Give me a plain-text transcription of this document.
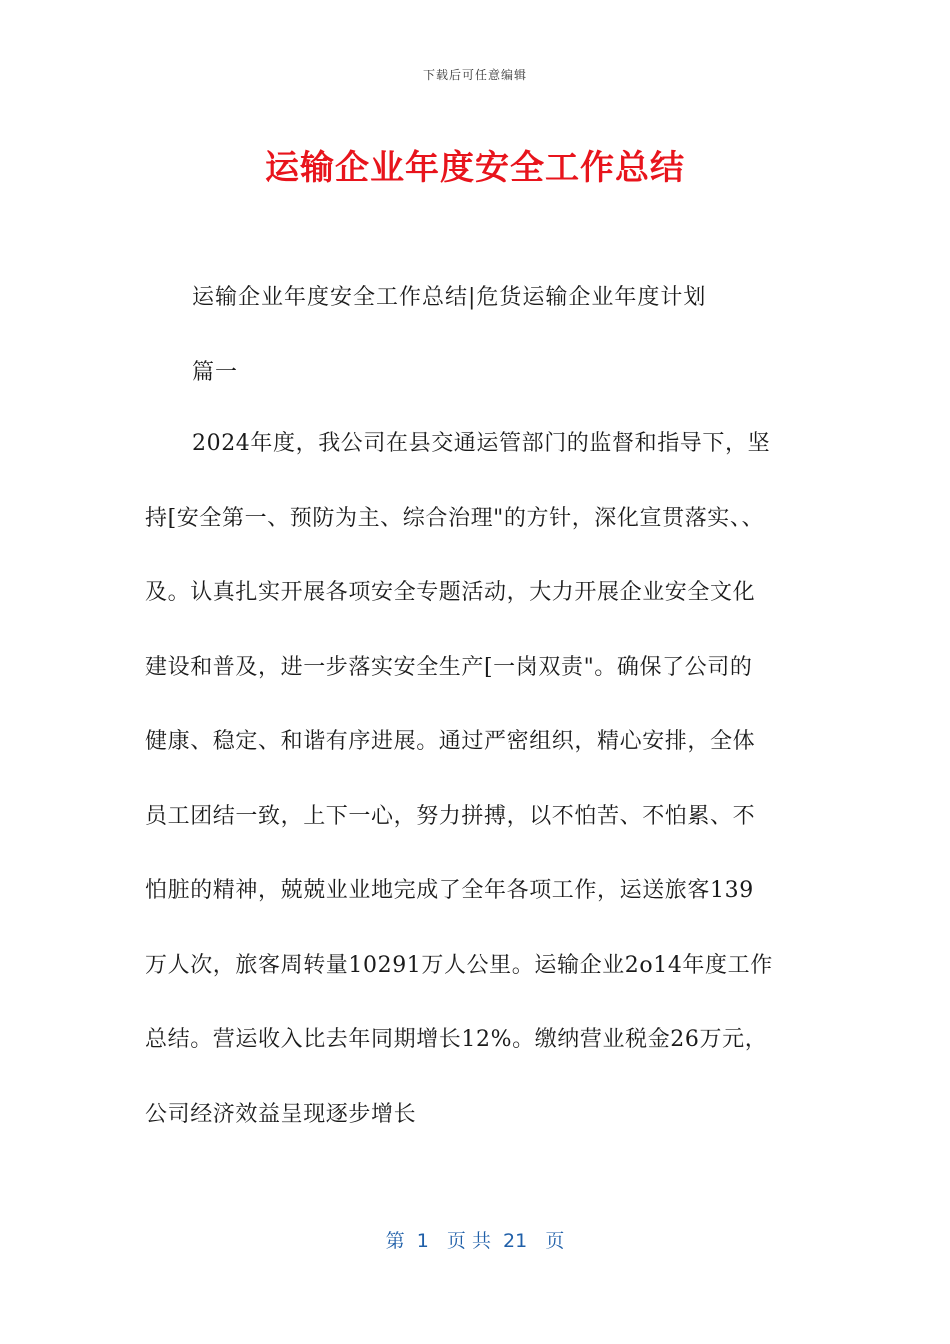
下载后可任意编辑
运输企业年度安全工作总结
运输企业年度安全工作总结|危货运输企业年度计划
篇一
2024年度，我公司在县交通运管部门的监督和指导下，坚
持[安全第一、预防为主、综合治理"的方针，深化宣贯落实、、
及。认真扎实开展各项安全专题活动，大力开展企业安全文化
建设和普及，进一步落实安全生产[一岗双责"。确保了公司的
健康、稳定、和谐有序进展。通过严密组织，精心安排，全体
员工团结一致，上下一心，努力拼搏，以不怕苦、不怕累、不
怕脏的精神，兢兢业业地完成了全年各项工作，运送旅客139
万人次，旅客周转量10291万人公里。运输企业2o14年度工作
总结。营运收入比去年同期增长12%。缴纳营业税金26万元，
公司经济效益呈现逐步增长
第  1   页 共  21   页
